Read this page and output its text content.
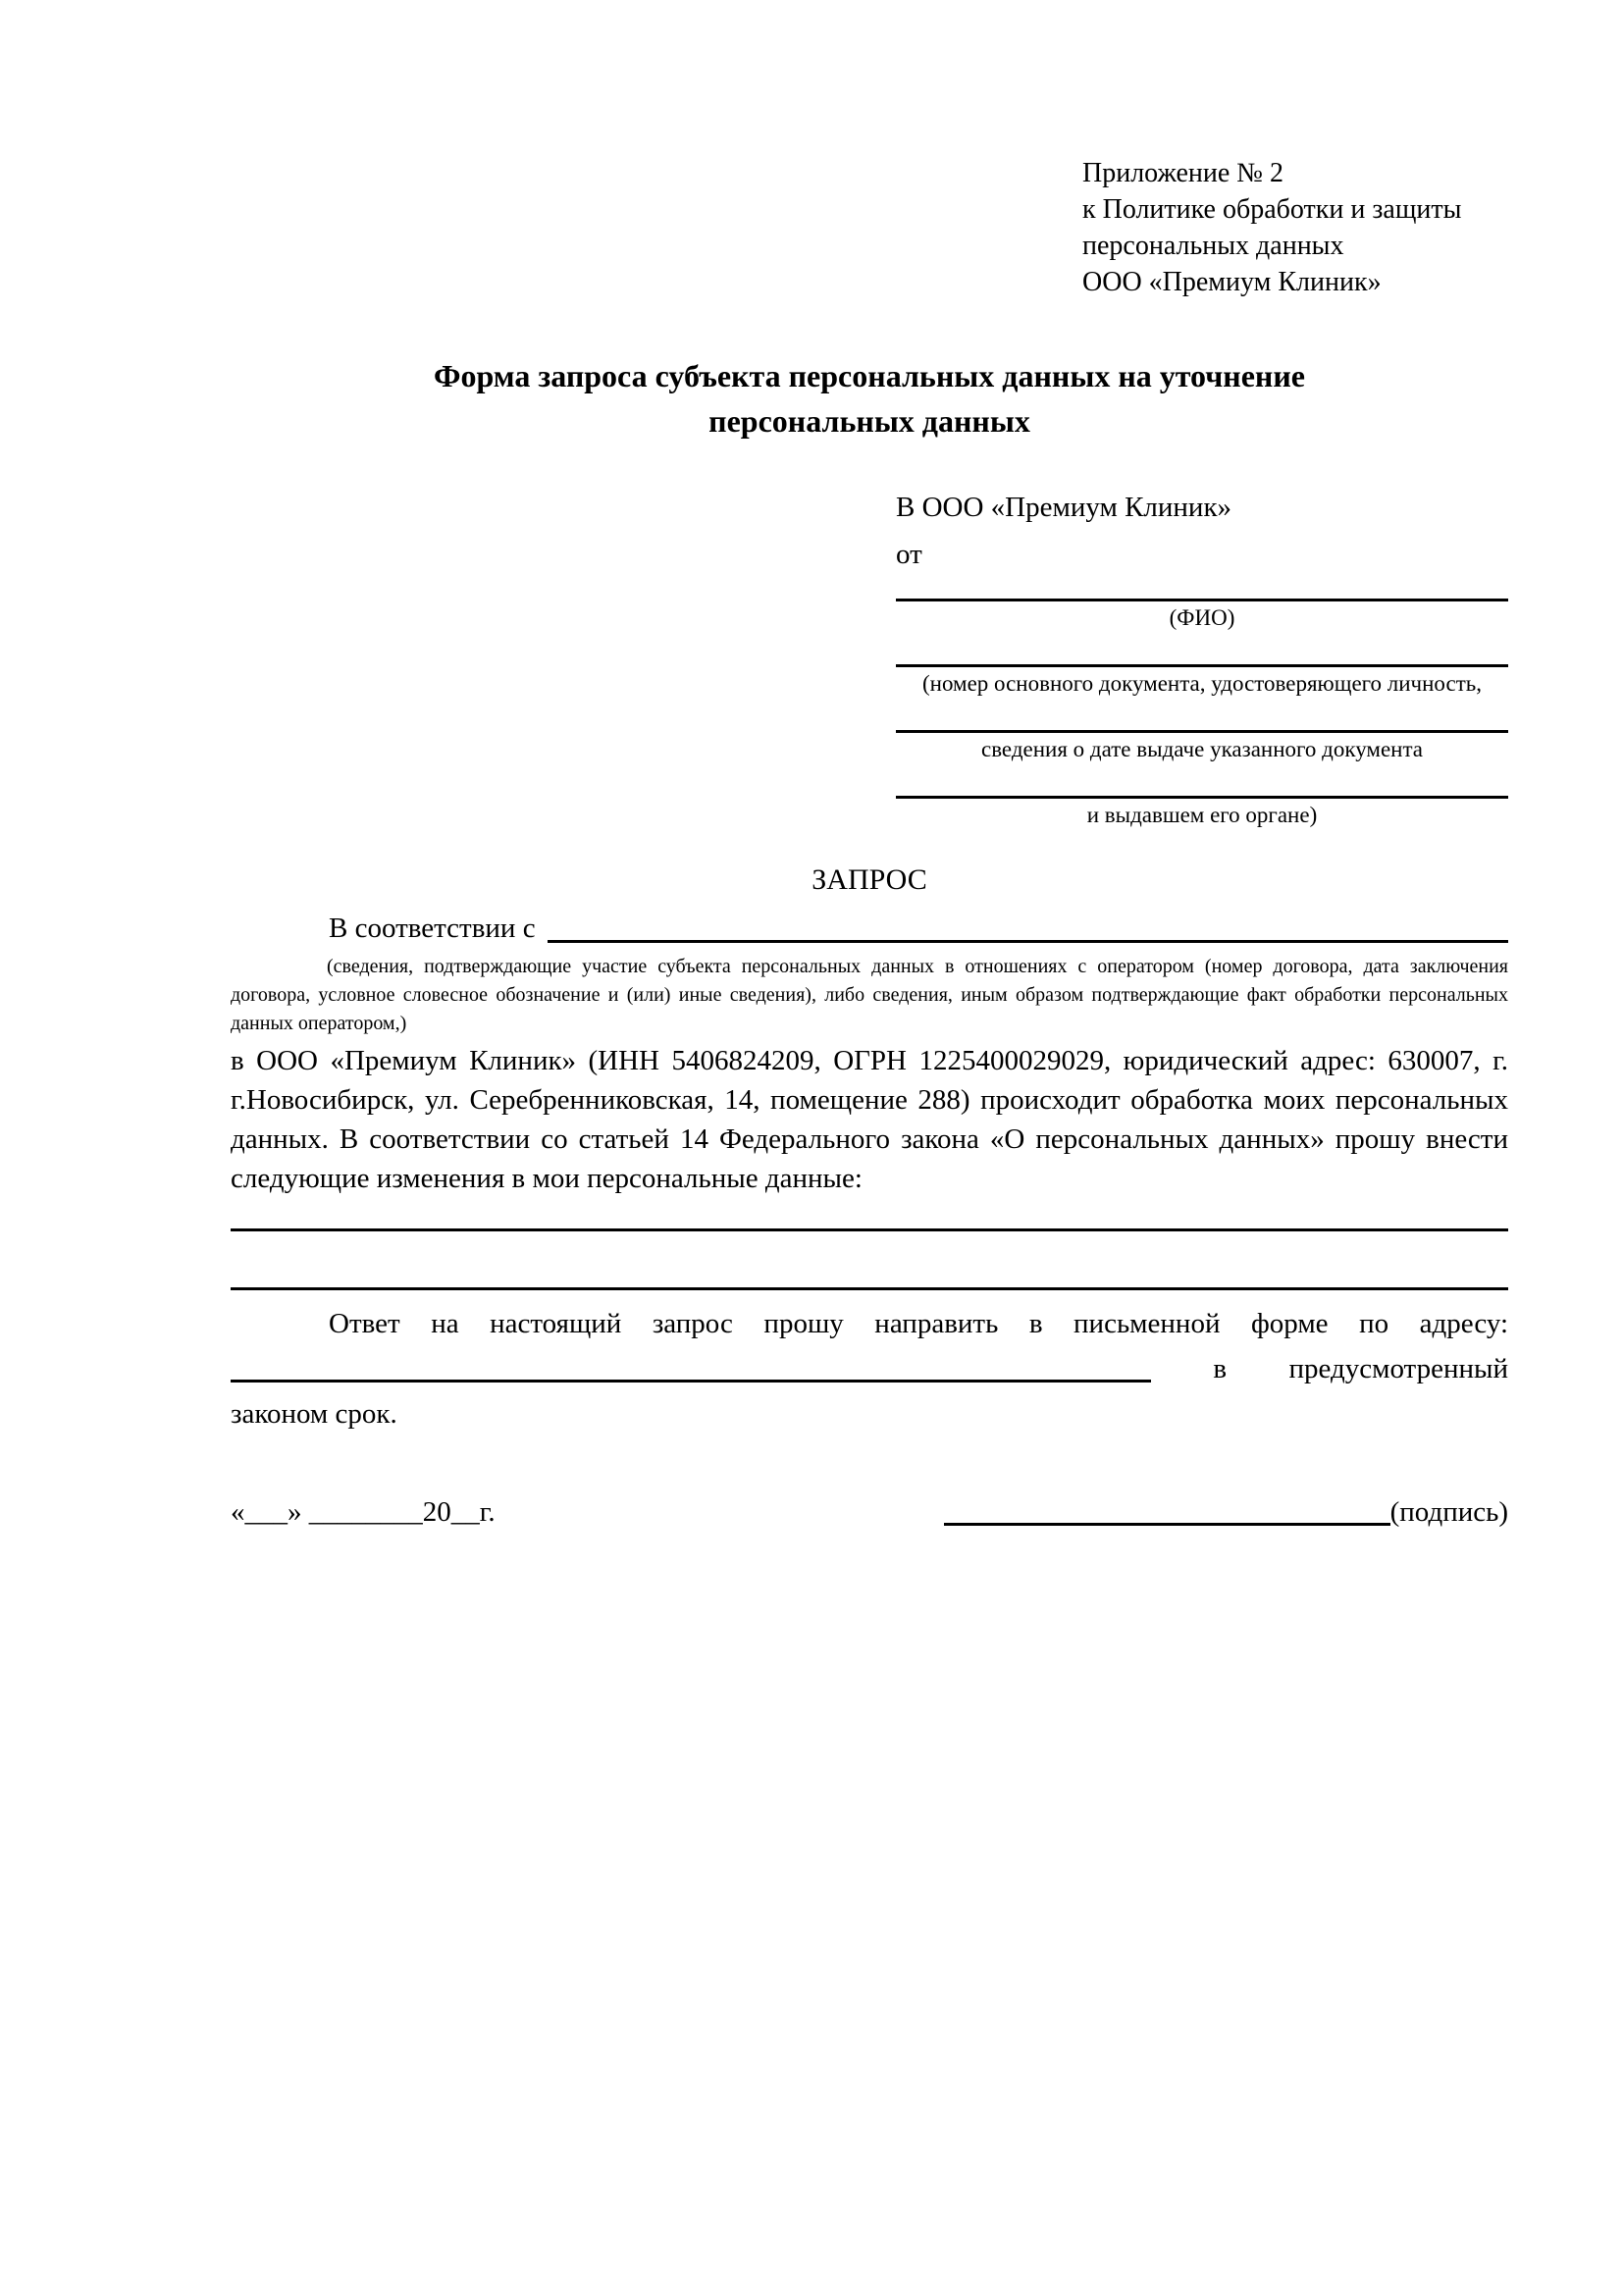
Приложение № 2
к Политике обработки и защиты
персональных данных
ООО «Премиум Клиник»
Форма запроса субъекта персональных данных на уточнение
персональных данных
В ООО «Премиум Клиник»
от
(ФИО)
(номер основного документа, удостоверяющего личность,
сведения о дате выдаче указанного документа
и выдавшем его органе)
ЗАПРОС
В соответствии с
(сведения, подтверждающие участие субъекта персональных данных в отношениях с оператором (номер договора, дата заключения договора, условное словесное обозначение и (или) иные сведения), либо сведения, иным образом подтверждающие факт обработки персональных данных оператором,)
в ООО «Премиум Клиник» (ИНН 5406824209, ОГРН 1225400029029, юридический адрес: 630007, г. г.Новосибирск, ул. Серебренниковская, 14, помещение 288) происходит обработка моих персональных данных. В соответствии со статьей 14 Федерального закона «О персональных данных» прошу внести следующие изменения в мои персональные данные:
Ответ на настоящий запрос прошу направить в письменной форме по адресу:
в предусмотренный
законом срок.
«___» ________20__г.	(подпись)
